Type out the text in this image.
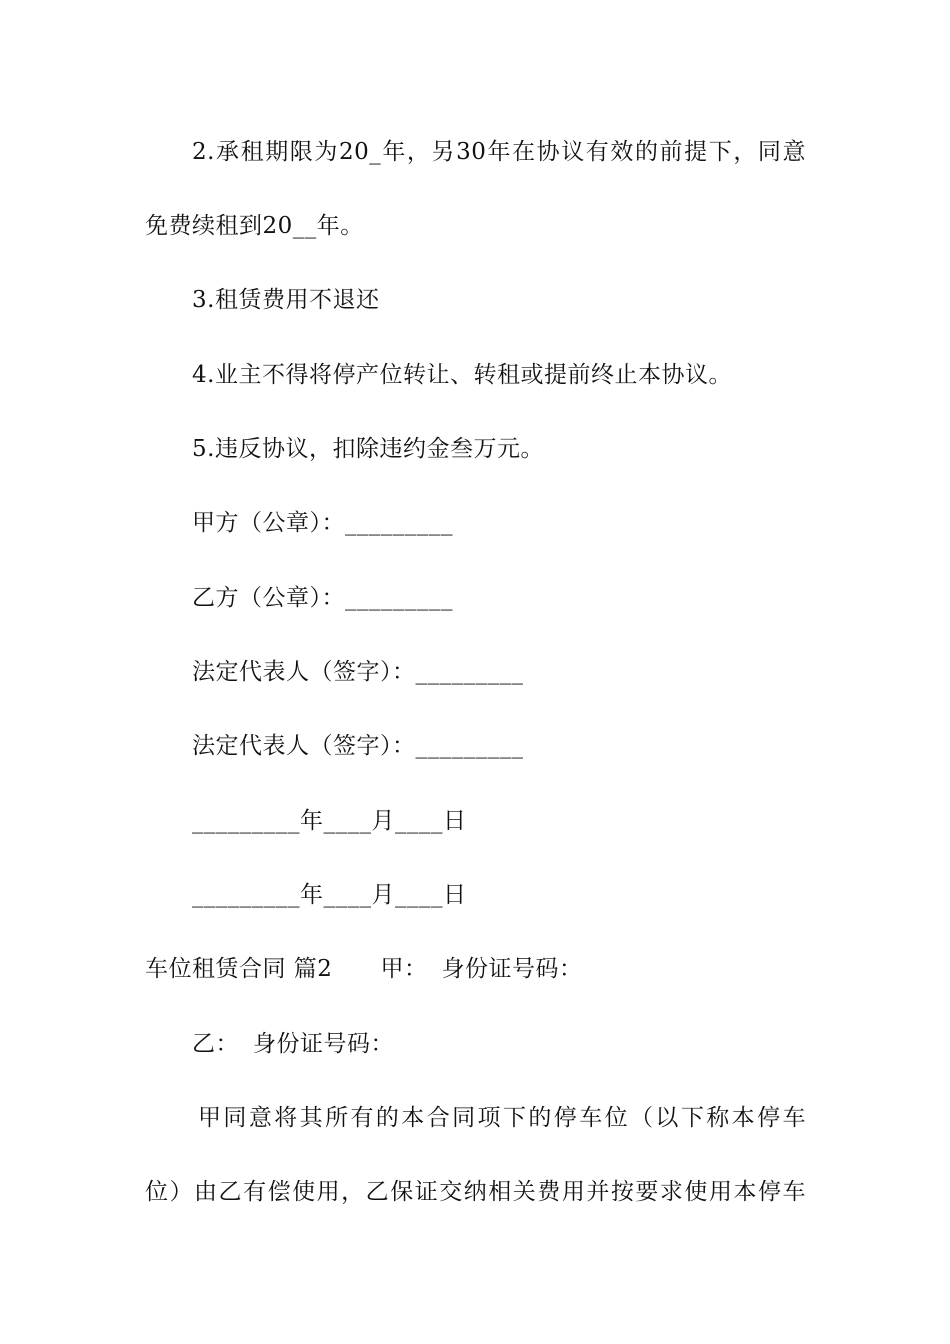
2.承租期限为20_年，另30年在协议有效的前提下，同意
免费续租到20__年。
3.租赁费用不退还
4.业主不得将停产位转让、转租或提前终止本协议。
5.违反协议，扣除违约金叁万元。
甲方（公章）：_________
乙方（公章）：_________
法定代表人（签字）：_________
法定代表人（签字）：_________
_________年____月____日
_________年____月____日
车位租赁合同 篇2 甲： 身份证号码：
乙： 身份证号码：
甲同意将其所有的本合同项下的停车位（以下称本停车
位）由乙有偿使用，乙保证交纳相关费用并按要求使用本停车
